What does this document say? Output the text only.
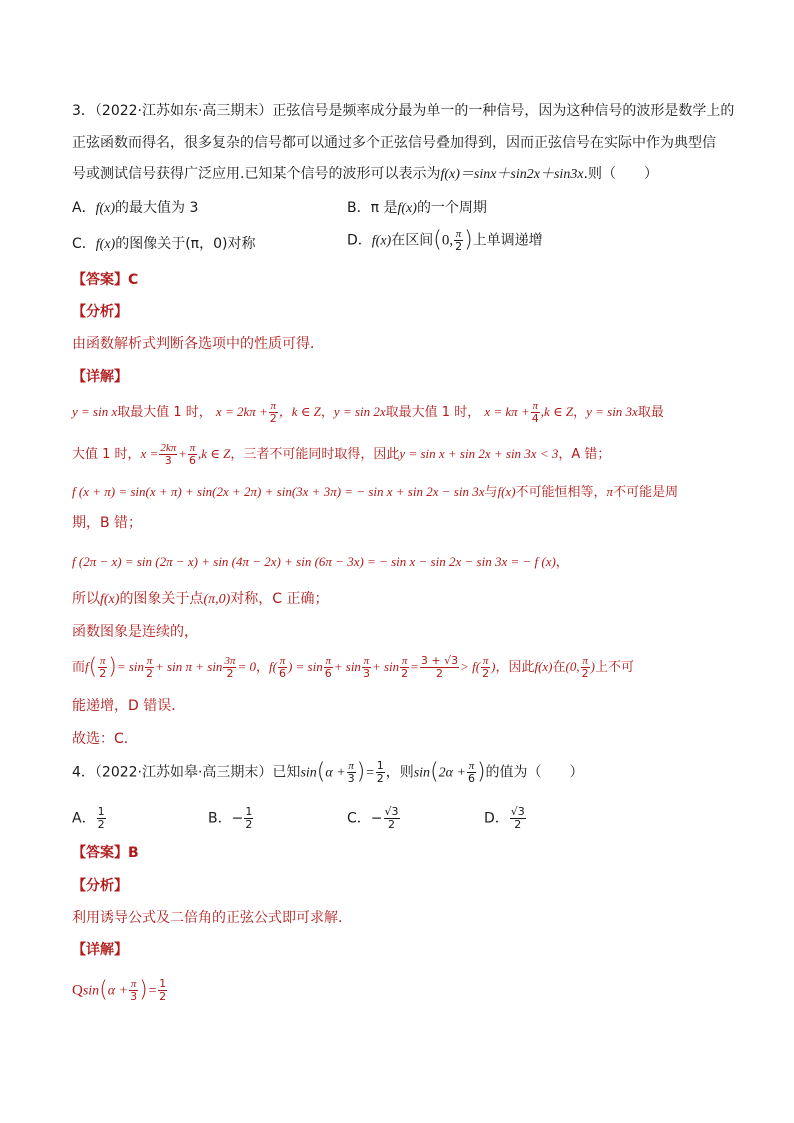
3．（2022·江苏如东·高三期末）正弦信号是频率成分最为单一的一种信号，因为这种信号的波形是数学上的
正弦函数而得名，很多复杂的信号都可以通过多个正弦信号叠加得到，因而正弦信号在实际中作为典型信
号或测试信号获得广泛应用.已知某个信号的波形可以表示为f(x)＝sinx＋sin2x＋sin3x.则（　　）
A．f(x)的最大值为 3	B．π 是f(x)的一个周期
C．f(x)的图像关于(π，0)对称	D．f(x)在区间(0, $\frac{\pi}{2}$ )上单调递增
【答案】C
【分析】
由函数解析式判断各选项中的性质可得．
【详解】
y = sin x取最大值 1 时， $x = 2k\pi + \frac{\pi}{2}$ ，k ∈ Z，y = sin 2x取最大值 1 时， $x = k\pi + \frac{\pi}{4} ,k$ ∈ Z，y = sin 3x取最
大值 1 时，$x = \frac{2k\pi}{3} + \frac{\pi}{6} ,k$ ∈ Z，三者不可能同时取得，因此y = sin x + sin 2x + sin 3x < 3，A 错；
f (x + π) = sin(x + π) + sin(2x + 2π) + sin(3x + 3π) = − sin x + sin 2x − sin 3x与f(x)不可能恒相等，π不可能是周
期，B 错；
f (2π − x) = sin (2π − x) + sin (4π − 2x) + sin (6π − 3x) = − sin x − sin 2x − sin 3x = − f (x)，
所以f(x)的图象关于点(π,0)对称，C 正确；
函数图象是连续的，
而$f( \frac{\pi}{2}$ )= $\sin \frac{\pi}{2} + \sin \pi + \sin \frac{3\pi}{2} = 0$，$f( \frac{\pi}{6}$ ) = $\sin \frac{\pi}{6} + \sin \frac{\pi}{3} + \sin \frac{\pi}{2} = \frac{3 + √3}{2} > f( \frac{\pi}{2}$ )，因此f(x)在(0, $\frac{\pi}{2}$ )上不可
能递增，D 错误．
故选：C．
4．（2022·江苏如皋·高三期末）已知$\sin(\alpha + \frac{\pi}{3}$ )= $\frac{1}{2}$ ，则$\sin(2\alpha + \frac{\pi}{6}$ )的值为（　　）
A． $\frac{1}{2}$	B．− $\frac{1}{2}$	C．− $\frac{√3}{2}$	D． $\frac{√3}{2}$
【答案】B
【分析】
利用诱导公式及二倍角的正弦公式即可求解.
【详解】
$Qsin(\alpha + \frac{\pi}{3}$ )= $\frac{1}{2}$
